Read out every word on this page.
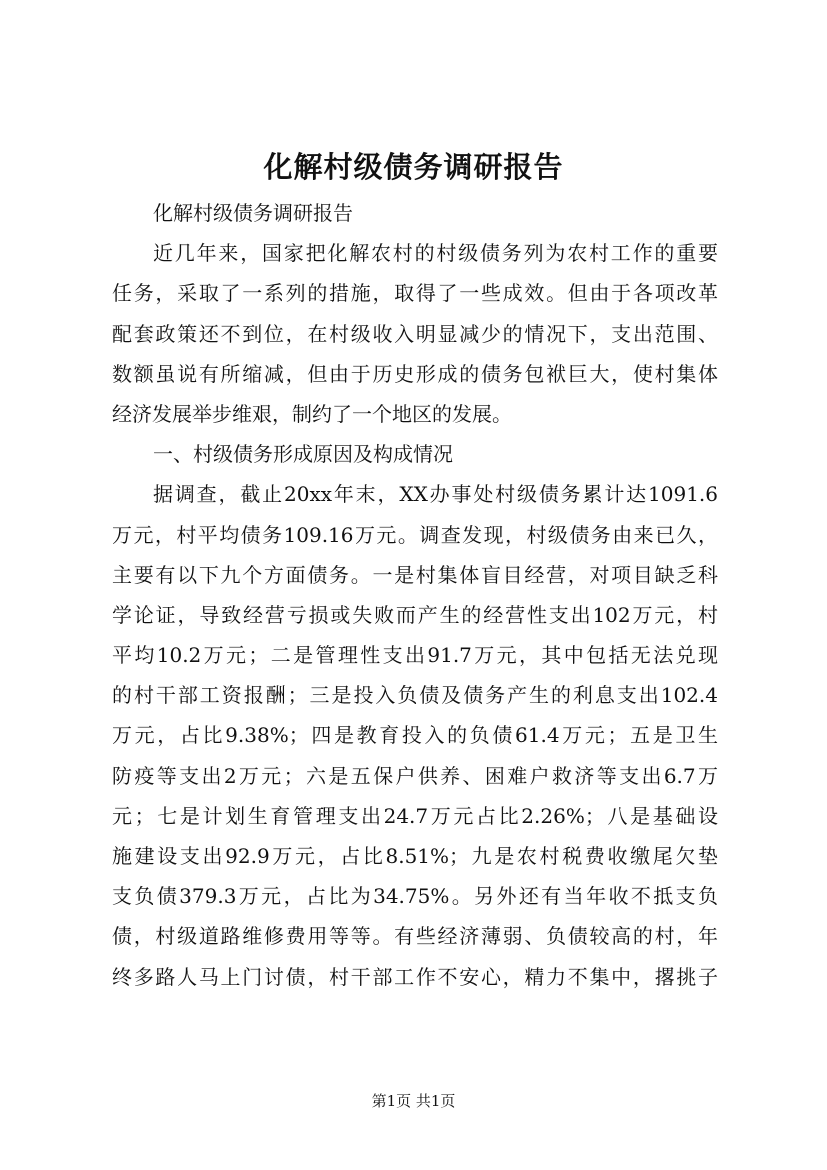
化解村级债务调研报告
化解村级债务调研报告
近几年来，国家把化解农村的村级债务列为农村工作的重要
任务，采取了一系列的措施，取得了一些成效。但由于各项改革
配套政策还不到位，在村级收入明显减少的情况下，支出范围、
数额虽说有所缩减，但由于历史形成的债务包袱巨大，使村集体
经济发展举步维艰，制约了一个地区的发展。
一、村级债务形成原因及构成情况
据调查，截止20xx年末，XX办事处村级债务累计达1091.6
万元，村平均债务109.16万元。调查发现，村级债务由来已久，
主要有以下九个方面债务。一是村集体盲目经营，对项目缺乏科
学论证，导致经营亏损或失败而产生的经营性支出102万元，村
平均10.2万元；二是管理性支出91.7万元，其中包括无法兑现
的村干部工资报酬；三是投入负债及债务产生的利息支出102.4
万元，占比9.38%；四是教育投入的负债61.4万元；五是卫生
防疫等支出2万元；六是五保户供养、困难户救济等支出6.7万
元；七是计划生育管理支出24.7万元占比2.26%；八是基础设
施建设支出92.9万元，占比8.51%；九是农村税费收缴尾欠垫
支负债379.3万元，占比为34.75%。另外还有当年收不抵支负
债，村级道路维修费用等等。有些经济薄弱、负债较高的村，年
终多路人马上门讨债，村干部工作不安心，精力不集中，撂挑子
第1页 共1页
